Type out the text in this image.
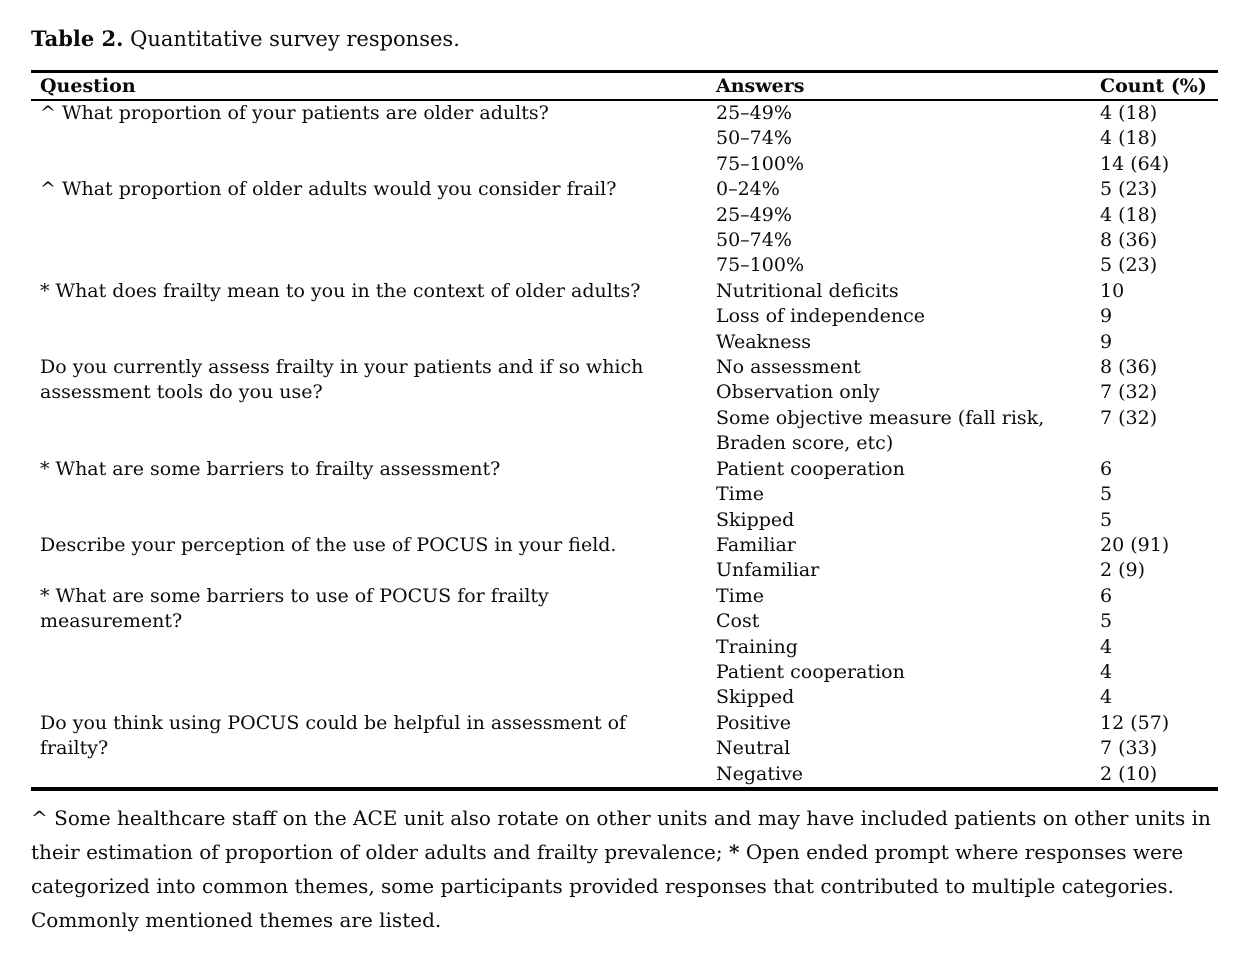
Table 2. Quantitative survey responses.

Question	Answers	Count (%)
^ What proportion of your patients are older adults?	25–49%	4 (18)
	50–74%	4 (18)
	75–100%	14 (64)
^ What proportion of older adults would you consider frail?	0–24%	5 (23)
	25–49%	4 (18)
	50–74%	8 (36)
	75–100%	5 (23)
* What does frailty mean to you in the context of older adults?	Nutritional deficits	10
	Loss of independence	9
	Weakness	9
Do you currently assess frailty in your patients and if so which assessment tools do you use?	No assessment	8 (36)
	Observation only	7 (32)
	Some objective measure (fall risk, Braden score, etc)	7 (32)
* What are some barriers to frailty assessment?	Patient cooperation	6
	Time	5
	Skipped	5
Describe your perception of the use of POCUS in your field.	Familiar	20 (91)
	Unfamiliar	2 (9)
* What are some barriers to use of POCUS for frailty measurement?	Time	6
	Cost	5
	Training	4
	Patient cooperation	4
	Skipped	4
Do you think using POCUS could be helpful in assessment of frailty?	Positive	12 (57)
	Neutral	7 (33)
	Negative	2 (10)

^ Some healthcare staff on the ACE unit also rotate on other units and may have included patients on other units in their estimation of proportion of older adults and frailty prevalence; * Open ended prompt where responses were categorized into common themes, some participants provided responses that contributed to multiple categories. Commonly mentioned themes are listed.
